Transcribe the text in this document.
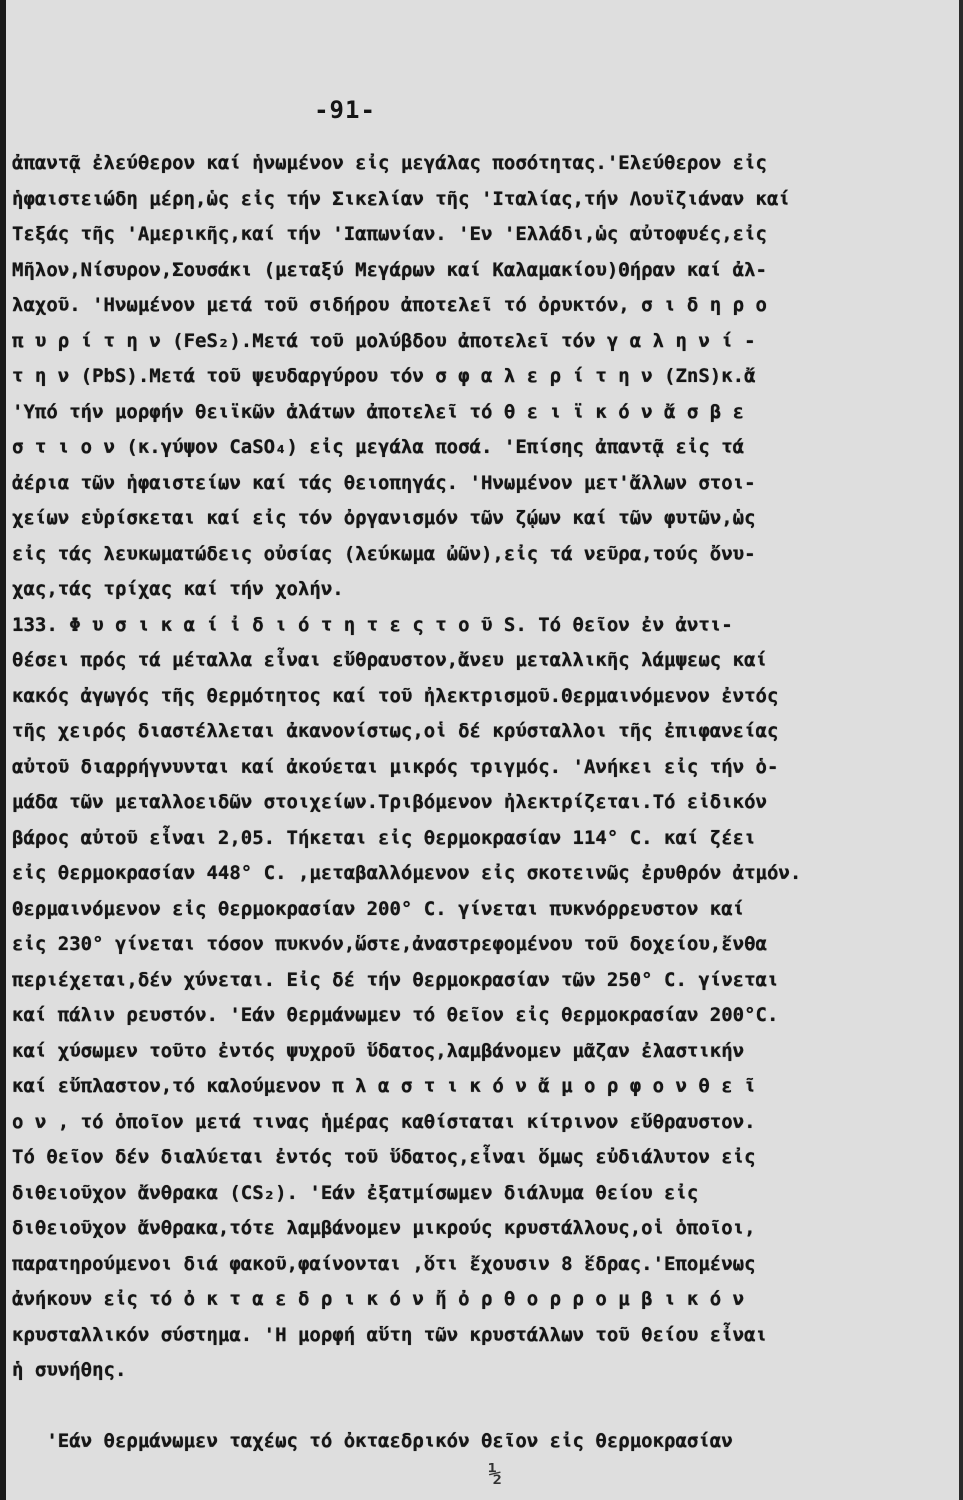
-91-
ἀπαντᾷ ἐλεύθερον καί ἡνωμένον εἰς μεγάλας ποσότητας.'Ελεύθερον εἰς
ἡφαιστειώδη μέρη,ὡς εἰς τήν Σικελίαν τῆς 'Ιταλίας,τήν Λουϊζιάναν καί
Τεξάς τῆς 'Αμερικῆς,καί τήν 'Ιαπωνίαν. 'Εν 'Ελλάδι,ὡς αὐτοφυές,εἰς
Μῆλον,Νίσυρον,Σουσάκι (μεταξύ Μεγάρων καί Καλαμακίου)Θήραν καί ἀλ-
λαχοῦ. 'Ηνωμένον μετά τοῦ σιδήρου ἀποτελεῖ τό ὀρυκτόν, σ ι δ η ρ ο
π υ ρ ί τ η ν (FeS₂).Μετά τοῦ μολύβδου ἀποτελεῖ τόν γ α λ η ν ί -
τ η ν (PbS).Μετά τοῦ ψευδαργύρου τόν σ φ α λ ε ρ ί τ η ν (ZnS)κ.ἄ
'Υπό τήν μορφήν θειϊκῶν ἁλάτων ἀποτελεῖ τό θ ε ι ϊ κ ό ν ἄ σ β ε
σ τ ι ο ν (κ.γύψον CaSO₄) εἰς μεγάλα ποσά. 'Επίσης ἀπαντᾷ εἰς τά
ἀέρια τῶν ἡφαιστείων καί τάς θειοπηγάς. 'Ηνωμένον μετ'ἄλλων στοι-
χείων εὑρίσκεται καί εἰς τόν ὀργανισμόν τῶν ζῴων καί τῶν φυτῶν,ὡς
εἰς τάς λευκωματώδεις οὐσίας (λεύκωμα ὠῶν),εἰς τά νεῦρα,τούς ὄνυ-
χας,τάς τρίχας καί τήν χολήν.
133. Φ υ σ ι κ α ί ἰ δ ι ό τ η τ ε ς τ ο ῦ S. Τό θεῖον ἐν ἀντι-
θέσει πρός τά μέταλλα εἶναι εὔθραυστον,ἄνευ μεταλλικῆς λάμψεως καί
κακός ἀγωγός τῆς θερμότητος καί τοῦ ἠλεκτρισμοῦ.Θερμαινόμενον ἐντός
τῆς χειρός διαστέλλεται ἀκανονίστως,οἱ δέ κρύσταλλοι τῆς ἐπιφανείας
αὐτοῦ διαρρήγνυνται καί ἀκούεται μικρός τριγμός. 'Ανήκει εἰς τήν ὁ-
μάδα τῶν μεταλλοειδῶν στοιχείων.Τριβόμενον ἠλεκτρίζεται.Τό εἰδικόν
βάρος αὐτοῦ εἶναι 2,05. Τήκεται εἰς θερμοκρασίαν 114° C. καί ζέει
εἰς θερμοκρασίαν 448° C. ,μεταβαλλόμενον εἰς σκοτεινῶς ἐρυθρόν ἀτμόν.
Θερμαινόμενον εἰς θερμοκρασίαν 200° C. γίνεται πυκνόρρευστον καί
εἰς 230° γίνεται τόσον πυκνόν,ὥστε,ἀναστρεφομένου τοῦ δοχείου,ἔνθα
περιέχεται,δέν χύνεται. Εἰς δέ τήν θερμοκρασίαν τῶν 250° C. γίνεται
καί πάλιν ρευστόν. 'Εάν θερμάνωμεν τό θεῖον εἰς θερμοκρασίαν 200°C.
καί χύσωμεν τοῦτο ἐντός ψυχροῦ ὕδατος,λαμβάνομεν μᾶζαν ἐλαστικήν
καί εὔπλαστον,τό καλούμενον π λ α σ τ ι κ ό ν ἄ μ ο ρ φ ο ν θ ε ῖ
ο ν , τό ὁποῖον μετά τινας ἡμέρας καθίσταται κίτρινον εὔθραυστον.
Τό θεῖον δέν διαλύεται ἐντός τοῦ ὕδατος,εἶναι ὅμως εὐδιάλυτον εἰς
διθειοῦχον ἄνθρακα (CS₂). 'Εάν ἐξατμίσωμεν διάλυμα θείου εἰς
διθειοῦχον ἄνθρακα,τότε λαμβάνομεν μικρούς κρυστάλλους,οἱ ὁποῖοι,
παρατηρούμενοι διά φακοῦ,φαίνονται ,ὅτι ἔχουσιν 8 ἕδρας.'Επομένως
ἀνήκουν εἰς τό ὀ κ τ α ε δ ρ ι κ ό ν ἤ ὀ ρ θ ο ρ ρ ο μ β ι κ ό ν
κρυσταλλικόν σύστημα. 'Η μορφή αὕτη τῶν κρυστάλλων τοῦ θείου εἶναι
ἡ συνήθης.
'Εάν θερμάνωμεν ταχέως τό ὀκταεδρικόν θεῖον εἰς θερμοκρασίαν
½
